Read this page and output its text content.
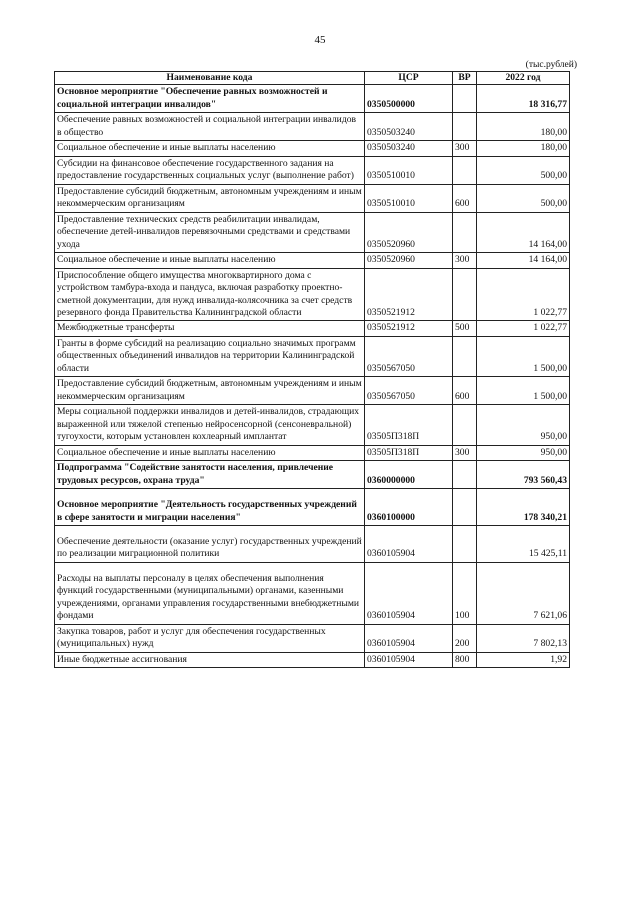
45
(тыс.рублей)
Наименование кода	ЦСР	ВР	2022 год
Основное мероприятие "Обеспечение равных возможностей и социальной интеграции инвалидов"	0350500000		18 316,77
Обеспечение равных возможностей и социальной интеграции инвалидов в общество	0350503240		180,00
Социальное обеспечение и иные выплаты населению	0350503240	300	180,00
Субсидии на финансовое обеспечение государственного задания на предоставление государственных социальных услуг (выполнение работ)	0350510010		500,00
Предоставление субсидий бюджетным, автономным учреждениям и иным некоммерческим организациям	0350510010	600	500,00
Предоставление технических средств реабилитации инвалидам, обеспечение детей-инвалидов перевязочными средствами и средствами ухода	0350520960		14 164,00
Социальное обеспечение и иные выплаты населению	0350520960	300	14 164,00
Приспособление общего имущества многоквартирного дома с устройством тамбура-входа и пандуса, включая разработку проектно-сметной документации, для нужд инвалида-колясочника за счет средств резервного фонда Правительства Калининградской области	0350521912		1 022,77
Межбюджетные трансферты	0350521912	500	1 022,77
Гранты в форме субсидий на реализацию социально значимых программ общественных объединений инвалидов на территории Калининградской области	0350567050		1 500,00
Предоставление субсидий бюджетным, автономным учреждениям и иным некоммерческим организациям	0350567050	600	1 500,00
Меры социальной поддержки инвалидов и детей-инвалидов, страдающих выраженной или тяжелой степенью нейросенсорной (сенсоневральной) тугоухости, которым установлен кохлеарный имплантат	03505П318П		950,00
Социальное обеспечение и иные выплаты населению	03505П318П	300	950,00
Подпрограмма "Содействие занятости населения, привлечение трудовых ресурсов, охрана труда"	0360000000		793 560,43

Основное мероприятие "Деятельность государственных учреждений в сфере занятости и миграции населения"	0360100000		178 340,21

Обеспечение деятельности (оказание услуг) государственных учреждений по реализации миграционной политики	0360105904		15 425,11

Расходы на выплаты персоналу в целях обеспечения выполнения функций государственными (муниципальными) органами, казенными учреждениями, органами управления государственными внебюджетными фондами	0360105904	100	7 621,06
Закупка товаров, работ и услуг для обеспечения государственных (муниципальных) нужд	0360105904	200	7 802,13
Иные бюджетные ассигнования	0360105904	800	1,92
